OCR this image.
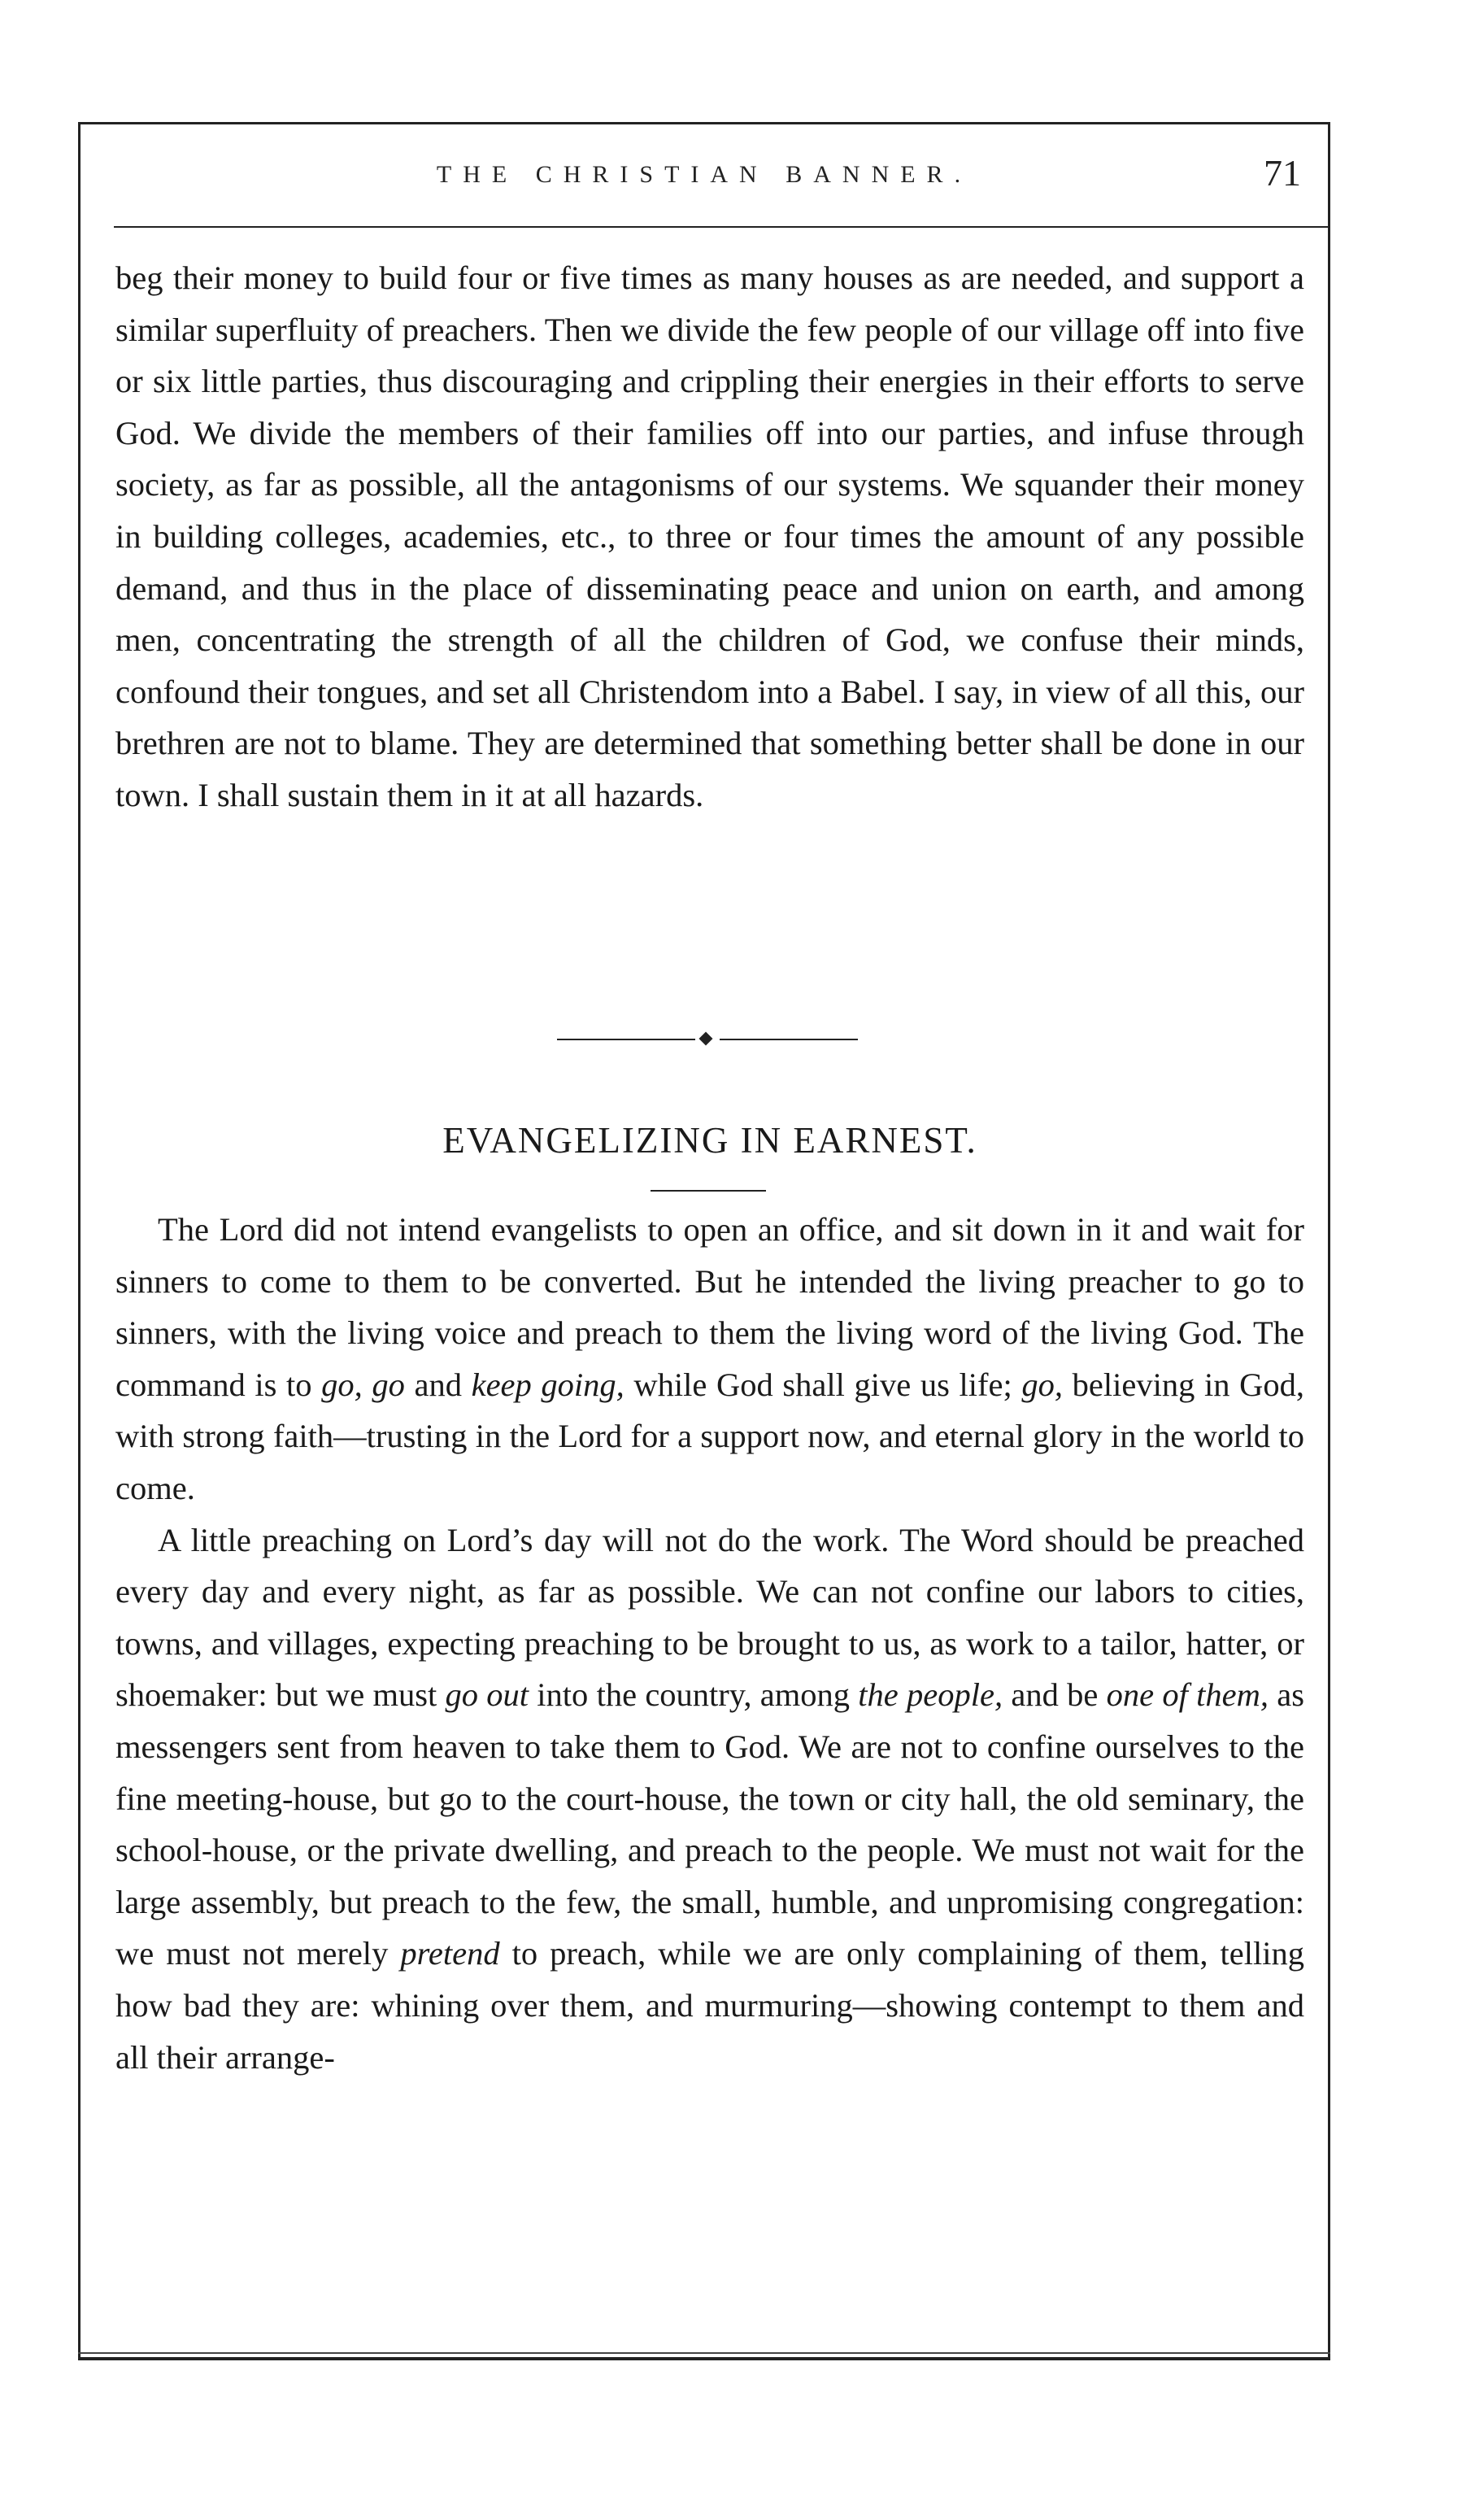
THE CHRISTIAN BANNER.	71

beg their money to build four or five times as many houses as are needed, and support a similar superfluity of preachers. Then we divide the few people of our village off into five or six little parties, thus discouraging and crippling their energies in their efforts to serve God. We divide the members of their families off into our parties, and infuse through society, as far as possible, all the antagonisms of our systems. We squander their money in building colleges, academies, etc., to three or four times the amount of any possible demand, and thus in the place of disseminating peace and union on earth, and among men, concentrating the strength of all the children of God, we confuse their minds, confound their tongues, and set all Christendom into a Babel. I say, in view of all this, our brethren are not to blame. They are determined that something better shall be done in our town. I shall sustain them in it at all hazards.

EVANGELIZING IN EARNEST.

The Lord did not intend evangelists to open an office, and sit down in it and wait for sinners to come to them to be converted. But he intended the living preacher to go to sinners, with the living voice and preach to them the living word of the living God. The command is to go, go and keep going, while God shall give us life; go, believing in God, with strong faith—trusting in the Lord for a support now, and eternal glory in the world to come.

A little preaching on Lord’s day will not do the work. The Word should be preached every day and every night, as far as possible. We can not confine our labors to cities, towns, and villages, expecting preaching to be brought to us, as work to a tailor, hatter, or shoemaker: but we must go out into the country, among the people, and be one of them, as messengers sent from heaven to take them to God. We are not to confine ourselves to the fine meeting-house, but go to the court-house, the town or city hall, the old seminary, the school-house, or the private dwelling, and preach to the people. We must not wait for the large assembly, but preach to the few, the small, humble, and unpromising congregation: we must not merely pretend to preach, while we are only complaining of them, telling how bad they are: whining over them, and murmuring—showing contempt to them and all their arrange-
